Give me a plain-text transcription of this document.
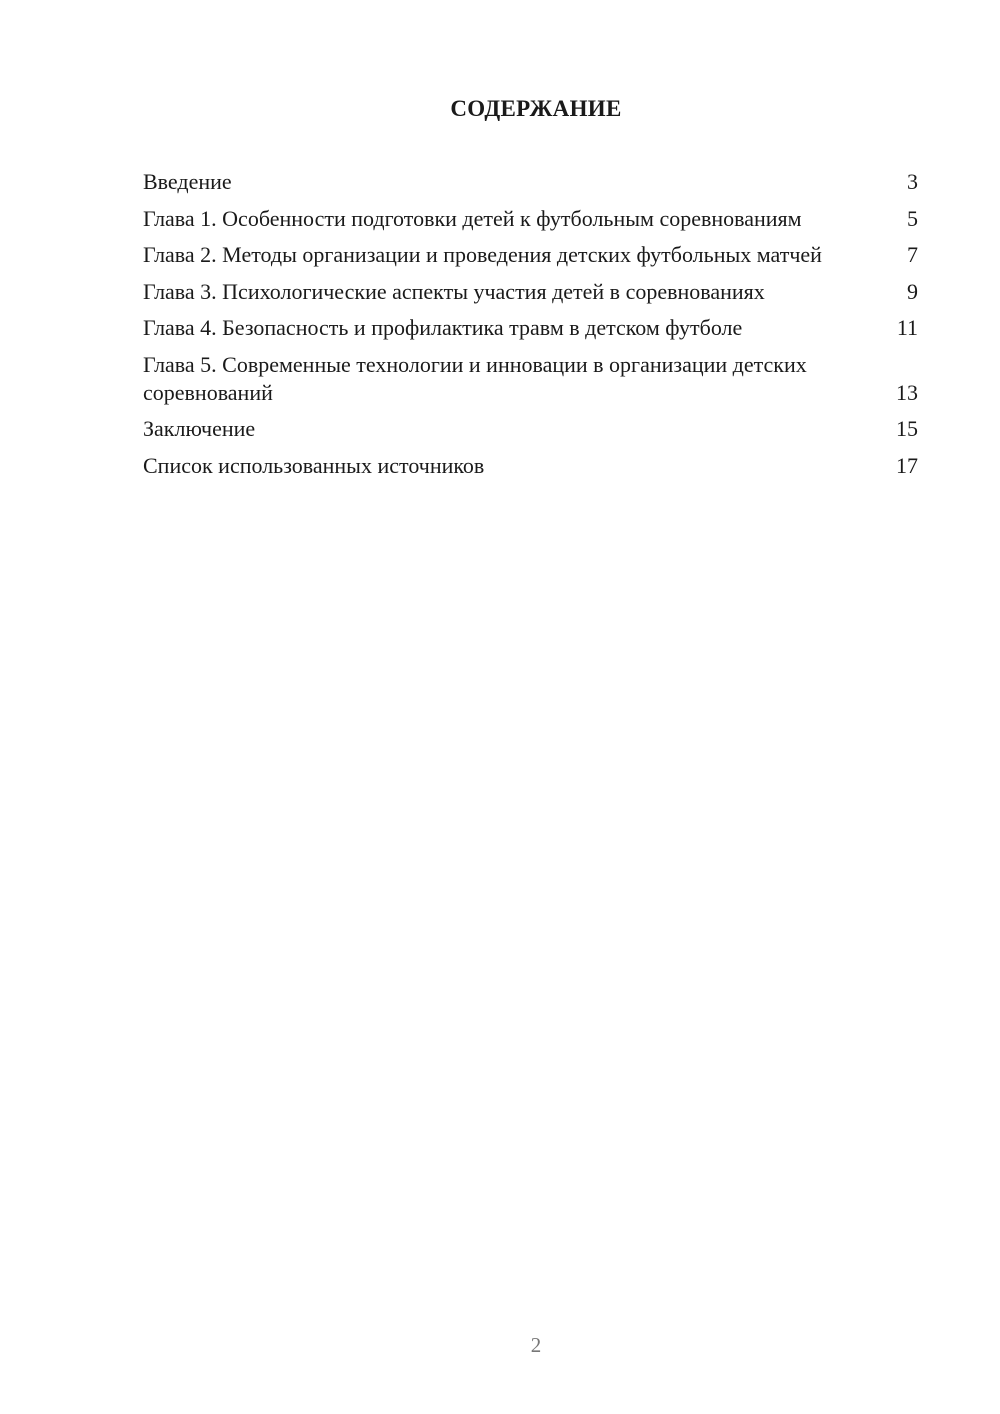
СОДЕРЖАНИЕ
Введение	3
Глава 1. Особенности подготовки детей к футбольным соревнованиям	5
Глава 2. Методы организации и проведения детских футбольных матчей	7
Глава 3. Психологические аспекты участия детей в соревнованиях	9
Глава 4. Безопасность и профилактика травм в детском футболе	11
Глава 5. Современные технологии и инновации в организации детских соревнований	13
Заключение	15
Список использованных источников	17
2
